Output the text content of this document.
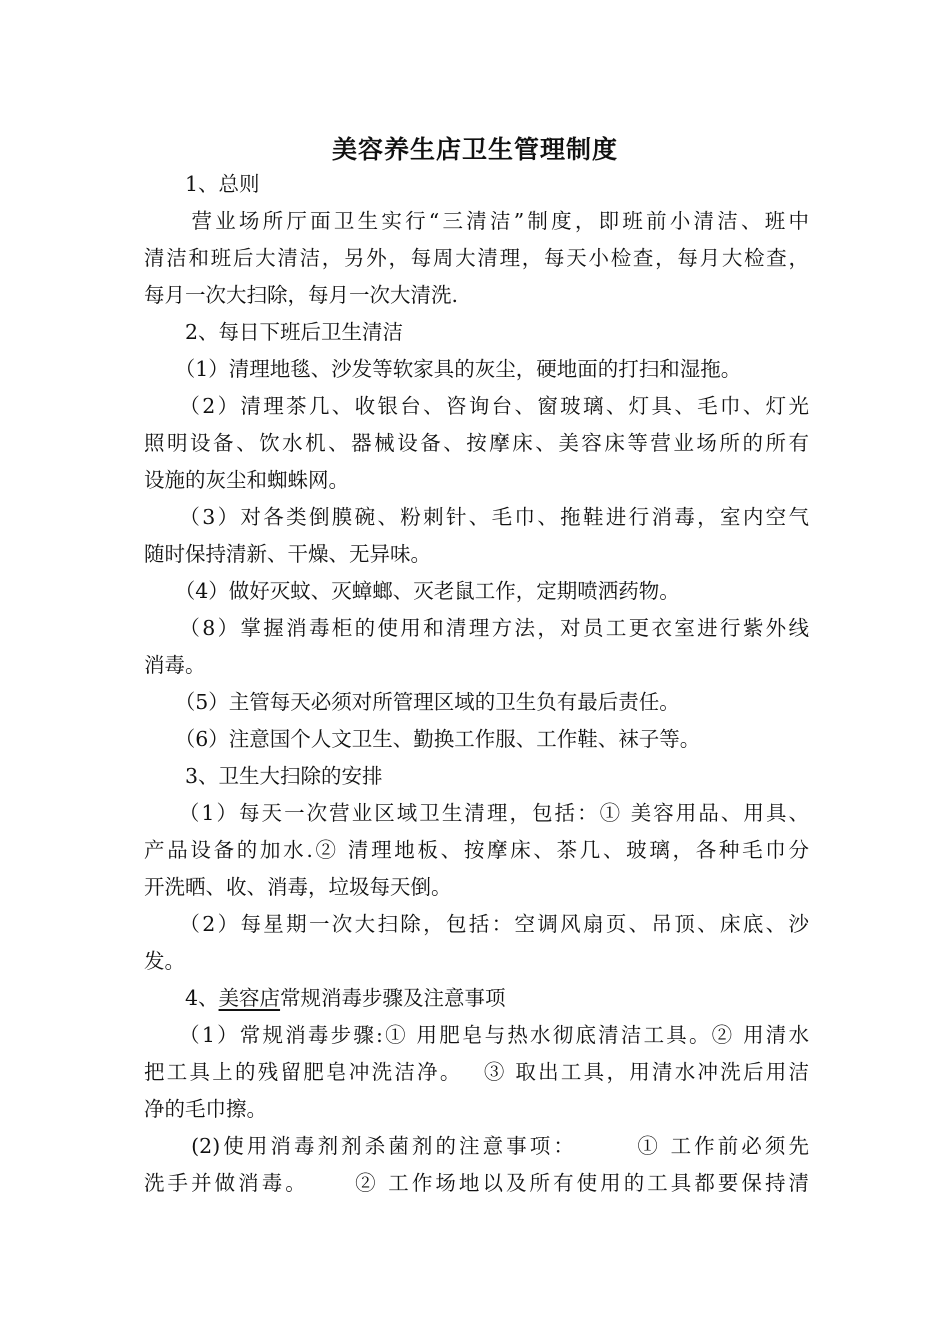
美容养生店卫生管理制度
　　1、总则
　　营业场所厅面卫生实行“三清洁”制度，即班前小清洁、班中
清洁和班后大清洁，另外，每周大清理，每天小检查，每月大检查，
每月一次大扫除，每月一次大清洗.
　　2、每日下班后卫生清洁
　　（1）清理地毯、沙发等软家具的灰尘，硬地面的打扫和湿拖。
　　（2）清理茶几、收银台、咨询台、窗玻璃、灯具、毛巾、灯光
照明设备、饮水机、器械设备、按摩床、美容床等营业场所的所有
设施的灰尘和蜘蛛网。
　　（3）对各类倒膜碗、粉刺针、毛巾、拖鞋进行消毒，室内空气
随时保持清新、干燥、无异味。
　　（4）做好灭蚊、灭蟑螂、灭老鼠工作，定期喷洒药物。
　　（8）掌握消毒柜的使用和清理方法，对员工更衣室进行紫外线
消毒。
　　（5）主管每天必须对所管理区域的卫生负有最后责任。
　　（6）注意国个人文卫生、勤换工作服、工作鞋、袜子等。
　　3、卫生大扫除的安排
　　（1）每天一次营业区域卫生清理，包括：① 美容用品、用具、
产品设备的加水.② 清理地板、按摩床、茶几、玻璃，各种毛巾分
开洗晒、收、消毒，垃圾每天倒。
　　（2）每星期一次大扫除，包括：空调风扇页、吊顶、床底、沙
发。
　　4、美容店常规消毒步骤及注意事项
　　（1）常规消毒步骤:① 用肥皂与热水彻底清洁工具。② 用清水
把工具上的残留肥皂冲洗洁净。　 ③ 取出工具，用清水冲洗后用洁
净的毛巾擦。
　　(2)使用消毒剂剂杀菌剂的注意事项：　　　① 工作前必须先
洗手并做消毒。　　 ② 工作场地以及所有使用的工具都要保持清
